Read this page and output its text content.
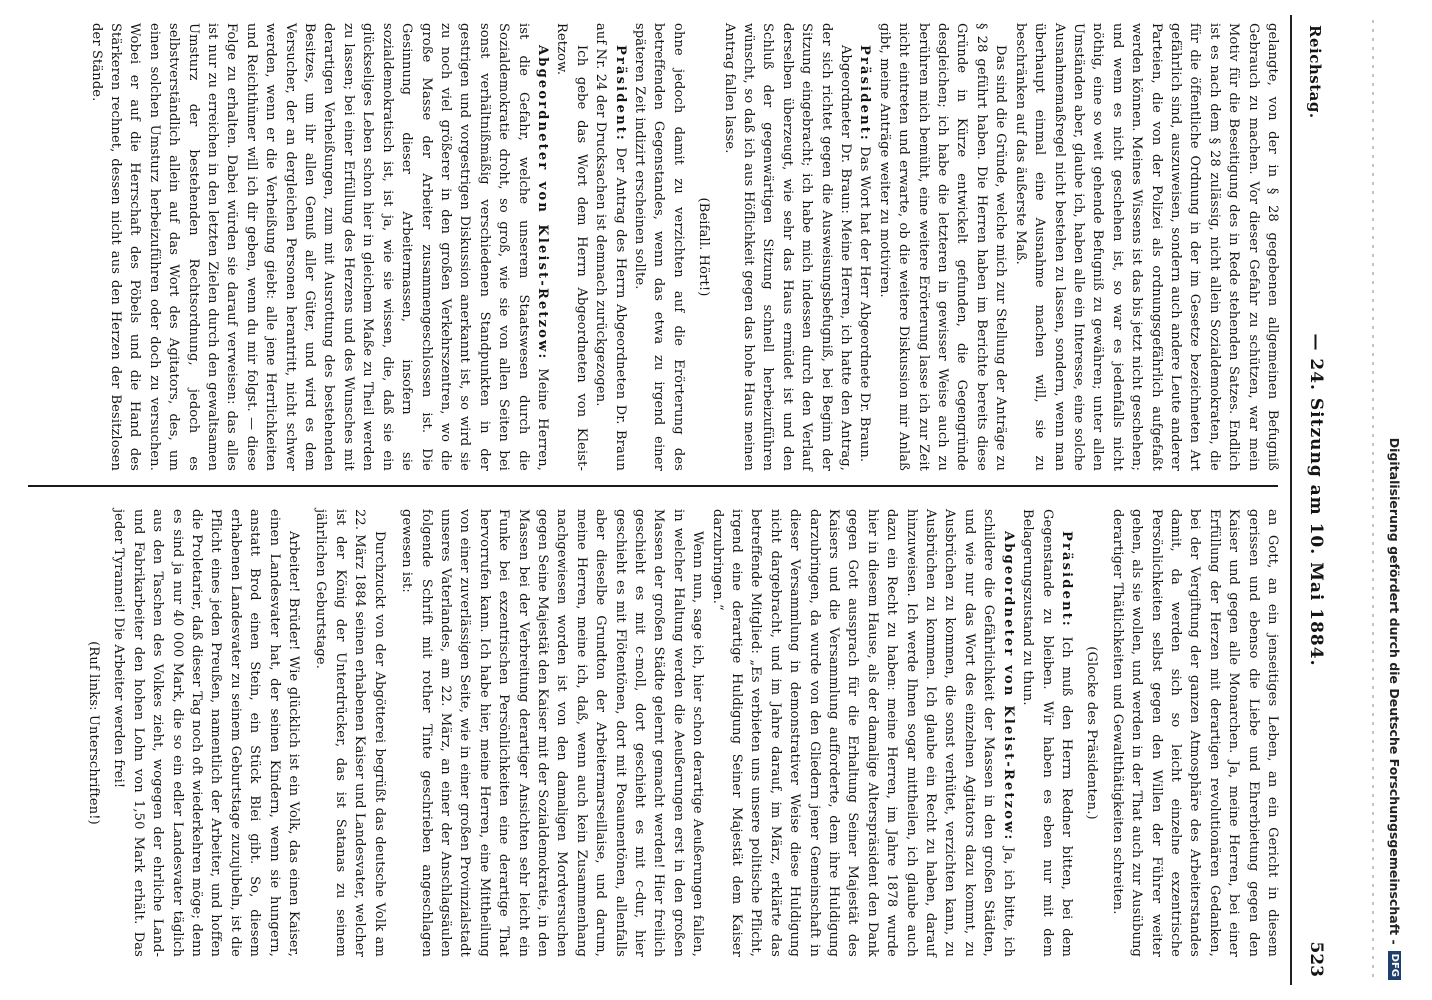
Reichstag.
— 24. Sitzung am 10. Mai 1884.
523

gelangte, von der in § 28 gegebenen allgemeinen Befugniß Gebrauch zu machen. Vor dieser Gefahr zu schützen, war mein Motiv für die Beseitigung des in Rede stehenden Satzes. Endlich ist es nach dem § 28 zulässig, nicht allein Sozialdemokraten, die für die öffentliche Ordnung in der im Gesetze bezeichneten Art gefährlich sind, auszuweisen, sondern auch andere Leute anderer Parteien, die von der Polizei als ordnungsgefährlich aufgefaßt werden können. Meines Wissens ist das bis jetzt nicht geschehen; und wenn es nicht geschehen ist, so war es jedenfalls nicht nöthig, eine so weit gehende Befugniß zu gewähren; unter allen Umständen aber, glaube ich, haben alle ein Interesse, eine solche Ausnahmemaßregel nicht bestehen zu lassen, sondern, wenn man überhaupt einmal eine Ausnahme machen will, sie zu beschränken auf das äußerste Maß.

Das sind die Gründe, welche mich zur Stellung der Anträge zu § 28 geführt haben. Die Herren haben im Berichte bereits diese Gründe in Kürze entwickelt gefunden, die Gegengründe desgleichen; ich habe die letzteren in gewisser Weise auch zu berühren mich bemüht, eine weitere Erörterung lasse ich zur Zeit nicht eintreten und erwarte, ob die weitere Diskussion mir Anlaß gibt, meine Anträge weiter zu motiviren.

Präsident: Das Wort hat der Herr Abgeordnete Dr. Braun.

Abgeordneter Dr. Braun: Meine Herren, ich hatte den Antrag, der sich richtet gegen die Ausweisungsbefugniß, bei Beginn der Sitzung eingebracht; ich habe mich indessen durch den Verlauf derselben überzeugt, wie sehr das Haus ermüdet ist und den Schluß der gegenwärtigen Sitzung schnell herbeizuführen wünscht, so daß ich aus Höflichkeit gegen das hohe Haus meinen Antrag fallen lasse.

(Beifall. Hört!)

ohne jedoch damit zu verzichten auf die Erörterung des betreffenden Gegenstandes, wenn das etwa zu irgend einer späteren Zeit indizirt erscheinen sollte.

Präsident: Der Antrag des Herrn Abgeordneten Dr. Braun auf Nr. 24 der Drucksachen ist demnach zurückgezogen.

Ich gebe das Wort dem Herrn Abgeordneten von Kleist-Retzow.

Abgeordneter von Kleist-Retzow: Meine Herren, ist die Gefahr, welche unserem Staatswesen durch die Sozialdemokratie droht, so groß, wie sie von allen Seiten bei sonst verhältnißmäßig verschiedenen Standpunkten in der gestrigen und vorgestrigen Diskussion anerkannt ist, so wird sie zu noch viel größerer in den großen Verkehrszentren, wo die große Masse der Arbeiter zusammengeschlossen ist. Die Gesinnung dieser Arbeitermassen, insofern sie sozialdemokratisch ist, ist ja, wie sie wissen, die, daß sie ein glückseliges Leben schon hier in gleichem Maße zu Theil werden zu lassen; bei einer Erfüllung des Herzens und des Wunsches mit derartigen Verheißungen, zum mit Ausrottung des bestehenden Besitzes, um ihr allen Genuß aller Güter, und wird es dem Versucher, der an dergleichen Personen herantritt, nicht schwer werden, wenn er die Verheißung giebt: alle jene Herrlichkeiten und Reichthümer will ich dir geben, wenn du mir folgst. — diese Folge zu erhalten. Dabei würden sie darauf verweisen: das alles ist nur zu erreichen in den letzten Zielen durch den gewaltsamen Umsturz der bestehenden Rechtsordnung, jedoch es selbstverständlich allein auf das Wort des Agitators, des, um einen solchen Umsturz herbeizuführen oder doch zu versuchen. Wobei er auf die Herrschaft des Pöbels und die Hand des Stärkeren rechnet, dessen nicht aus den Herzen der Besitzlosen der Stände.

an Gott, an ein jenseitiges Leben, an ein Gericht in diesem gerissen und ebenso die Liebe und Ehrerbietung gegen den Kaiser und gegen alle Monarchen. Ja, meine Herren, bei einer Erfüllung der Herzen mit derartigen revolutionären Gedanken, bei der Vergiftung der ganzen Atmosphäre des Arbeiterstandes damit, da werden sich so leicht einzelne exzentrische Persönlichkeiten selbst gegen den Willen der Führer weiter gehen, als sie wollen, und werden in der That auch zur Ausübung derartiger Thätlichkeiten und Gewaltthätigkeiten schreiten.

(Glocke des Präsidenten.)

Präsident: Ich muß den Herrn Redner bitten, bei dem Gegenstande zu bleiben. Wir haben es eben nur mit dem Belagerungszustand zu thun.

Abgeordneter von Kleist-Retzow: Ja, ich bitte, ich schildere die Gefährlichkeit der Massen in den großen Städten, und wie nur das Wort des einzelnen Agitators dazu kommt, zu Ausbrüchen zu kommen, die sonst verhütet, verzichten kann, zu Ausbrüchen zu kommen. Ich glaube ein Recht zu haben, darauf hinzuweisen. Ich werde Ihnen sogar mittheilen, ich glaube auch dazu ein Recht zu haben: meine Herren, im Jahre 1878 wurde hier in diesem Hause, als der damalige Alterspräsident den Dank gegen Gott aussprach für die Erhaltung Seiner Majestät des Kaisers und die Versammlung aufforderte, dem ihre Huldigung darzubringen, da wurde von den Gliedern jener Gemeinschaft in dieser Versammlung in demonstrativer Weise diese Huldigung nicht dargebracht, und im Jahre darauf, im März, erklärte das betreffende Mitglied: „Es verbieten uns unsere politische Pflicht, irgend eine derartige Huldigung Seiner Majestät dem Kaiser darzubringen.“

Wenn nun, sage ich, hier schon derartige Aeußerungen fallen, in welcher Haltung werden die Aeußerungen erst in den großen Massen der großen Städte gelernt gemacht werden! Hier freilich geschieht es mit c-moll, dort geschieht es mit c-dur, hier geschieht es mit Flötentönen, dort mit Posaunentönen, allenfalls aber dieselbe Grundton der Arbeitermarseillaise, und darum, meine Herren, meine ich, daß, wenn auch kein Zusammenhang nachgewiesen worden ist von den damaligen Mordversuchen gegen Seine Majestät den Kaiser mit der Sozialdemokratie, in den Massen bei der Verbreitung derartiger Ansichten sehr leicht ein Funke bei exzentrischen Persönlichkeiten eine derartige That hervorrufen kann. Ich habe hier, meine Herren, eine Mittheilung von einer zuverlässigen Seite, wie in einer großen Provinzialstadt unseres Vaterlandes, am 22. März, an einer der Anschlagsäulen folgende Schrift mit rother Tinte geschrieben angeschlagen gewesen ist:

Durchzuckt von der Abgötterei begrüßt das deutsche Volk am 22. März 1884 seinen erhabenen Kaiser und Landesvater, welcher ist der König der Unterdrücker, das ist Satanas zu seinem jährlichen Geburtstage.

Arbeiter! Brüder! Wie glücklich ist ein Volk, das einen Kaiser, einen Landesvater hat, der seinen Kindern, wenn sie hungern, anstatt Brod einen Stein, ein Stück Blei gibt. So, diesem erhabenen Landesvater zu seinem Geburtstage zuzujubeln, ist die Pflicht eines jeden Preußen, namentlich der Arbeiter, und hoffen die Proletarier, daß dieser Tag noch oft wiederkehren möge; denn es sind ja nur 40 000 Mark, die so ein edler Landesvater täglich aus den Taschen des Volkes zieht, wogegen der ehrliche Land- und Fabrikarbeiter den hohen Lohn von 1,50 Mark erhält. Das jeder Tyrannei! Die Arbeiter werden frei!

(Ruf links: Unterschriften!)	Digitalisierung gefördert durch die Deutsche Forschungsgemeinschaft -
DFG
